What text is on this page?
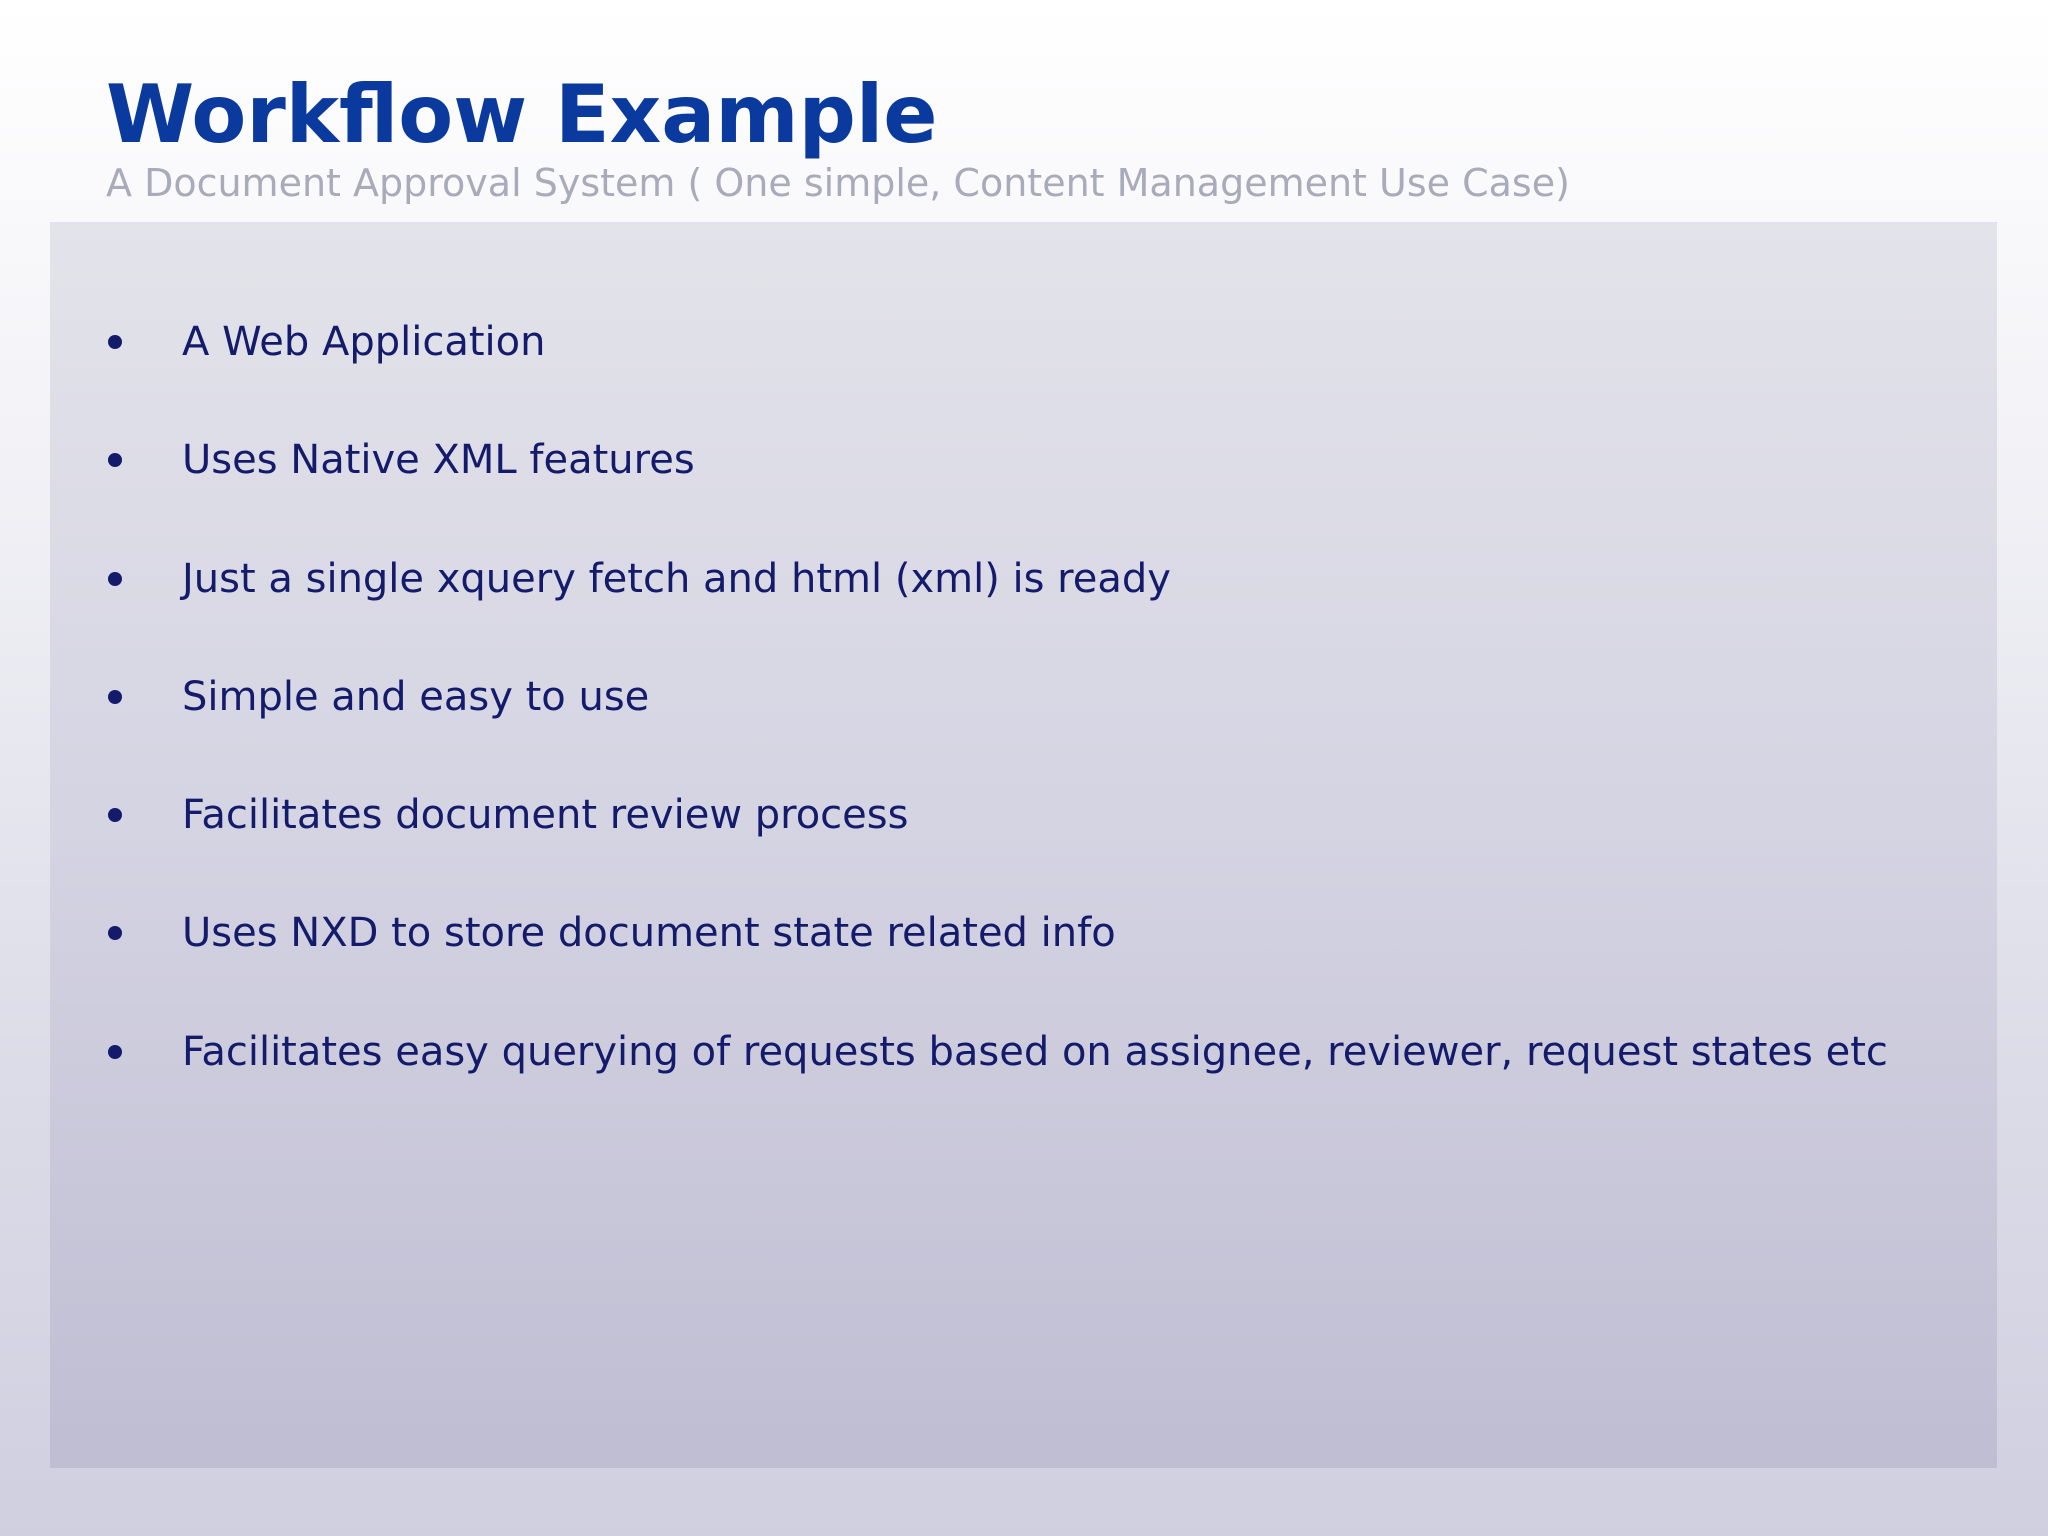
Workflow Example
A Document Approval System ( One simple, Content Management Use Case)
A Web Application
Uses Native XML features
Just a single xquery fetch and html (xml) is ready
Simple and easy to use
Facilitates document review process
Uses NXD to store document state related info
Facilitates easy querying of requests based on assignee, reviewer, request states etc
